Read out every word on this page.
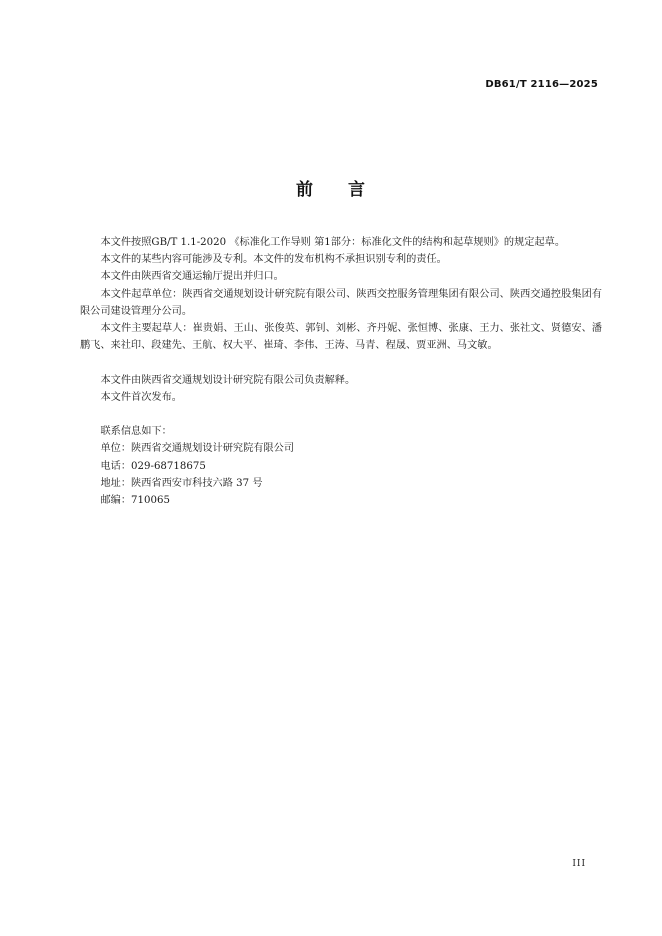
DB61/T 2116—2025
前 言

本文件按照GB/T 1.1-2020 《标准化工作导则 第1部分：标准化文件的结构和起草规则》的规定起草。

本文件的某些内容可能涉及专利。本文件的发布机构不承担识别专利的责任。

本文件由陕西省交通运输厅提出并归口。

本文件起草单位：陕西省交通规划设计研究院有限公司、陕西交控服务管理集团有限公司、陕西交通控股集团有限公司建设管理分公司。

本文件主要起草人：崔贵娟、王山、张俊英、郭钊、刘彬、齐丹妮、张恒博、张康、王力、张社文、贤德安、潘鹏飞、来社印、段建先、王航、权大平、崔琦、李伟、王涛、马青、程晟、贾亚洲、马文敏。

本文件由陕西省交通规划设计研究院有限公司负责解释。

本文件首次发布。

联系信息如下：

单位：陕西省交通规划设计研究院有限公司

电话：029-68718675

地址：陕西省西安市科技六路 37 号

邮编：710065

III
